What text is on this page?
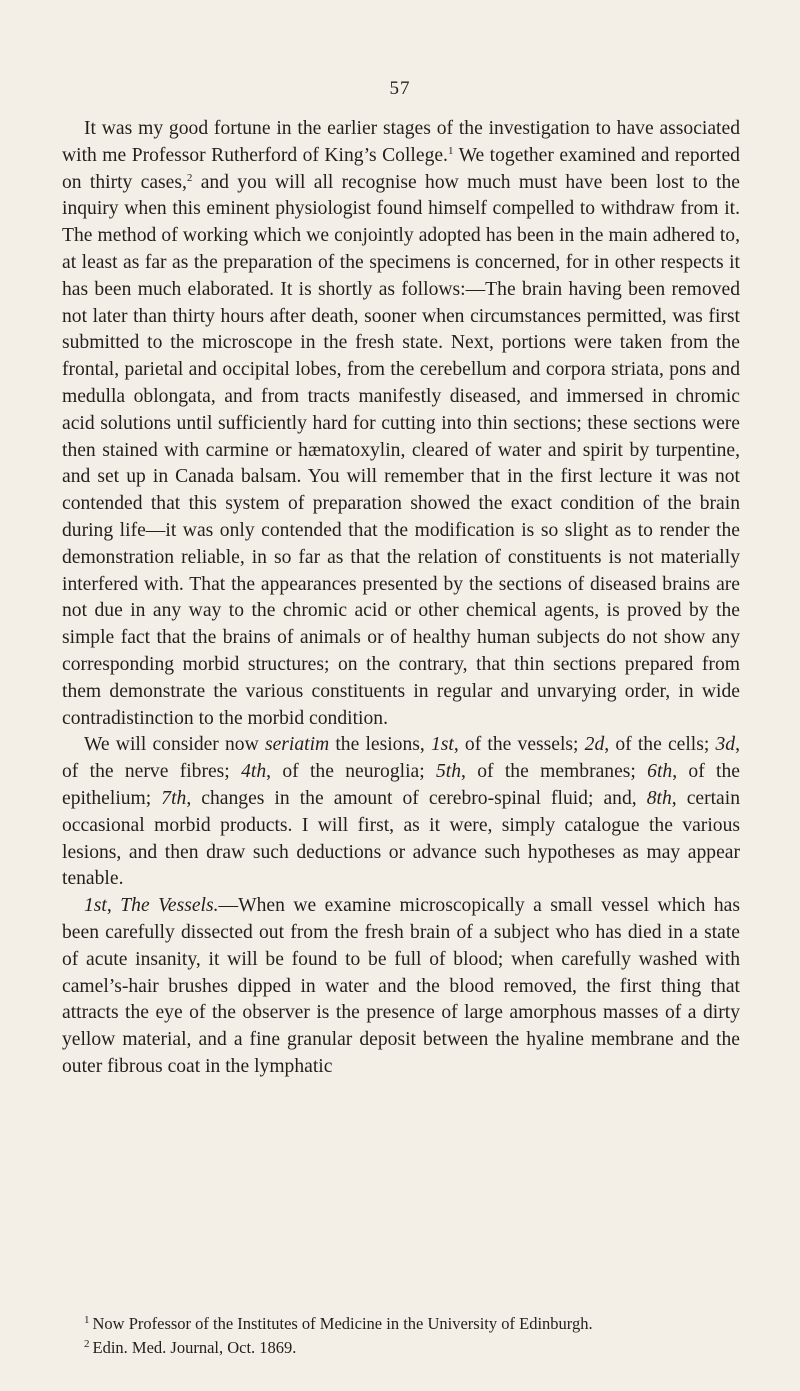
57

It was my good fortune in the earlier stages of the investigation to have associated with me Professor Rutherford of King’s College.$^1$ We together examined and reported on thirty cases,$^2$ and you will all recognise how much must have been lost to the inquiry when this eminent physiologist found himself compelled to withdraw from it. The method of working which we conjointly adopted has been in the main adhered to, at least as far as the preparation of the specimens is concerned, for in other respects it has been much elaborated. It is shortly as follows:—The brain having been removed not later than thirty hours after death, sooner when circumstances permitted, was first submitted to the microscope in the fresh state. Next, portions were taken from the frontal, parietal and occipital lobes, from the cerebellum and corpora striata, pons and medulla oblongata, and from tracts manifestly diseased, and immersed in chromic acid solutions until sufficiently hard for cutting into thin sections; these sections were then stained with carmine or hæmatoxylin, cleared of water and spirit by turpentine, and set up in Canada balsam. You will remember that in the first lecture it was not contended that this system of preparation showed the exact condition of the brain during life—it was only contended that the modification is so slight as to render the demonstration reliable, in so far as that the relation of constituents is not materially interfered with. That the appearances presented by the sections of diseased brains are not due in any way to the chromic acid or other chemical agents, is proved by the simple fact that the brains of animals or of healthy human subjects do not show any corresponding morbid structures; on the contrary, that thin sections prepared from them demonstrate the various constituents in regular and unvarying order, in wide contradistinction to the morbid condition.

We will consider now seriatim the lesions, 1st, of the vessels; 2d, of the cells; 3d, of the nerve fibres; 4th, of the neuroglia; 5th, of the membranes; 6th, of the epithelium; 7th, changes in the amount of cerebro-spinal fluid; and, 8th, certain occasional morbid products. I will first, as it were, simply catalogue the various lesions, and then draw such deductions or advance such hypotheses as may appear tenable.

1st, The Vessels.—When we examine microscopically a small vessel which has been carefully dissected out from the fresh brain of a subject who has died in a state of acute insanity, it will be found to be full of blood; when carefully washed with camel’s-hair brushes dipped in water and the blood removed, the first thing that attracts the eye of the observer is the presence of large amorphous masses of a dirty yellow material, and a fine granular deposit between the hyaline membrane and the outer fibrous coat in the lymphatic

$^1$ Now Professor of the Institutes of Medicine in the University of Edinburgh.

$^2$ Edin. Med. Journal, Oct. 1869.
